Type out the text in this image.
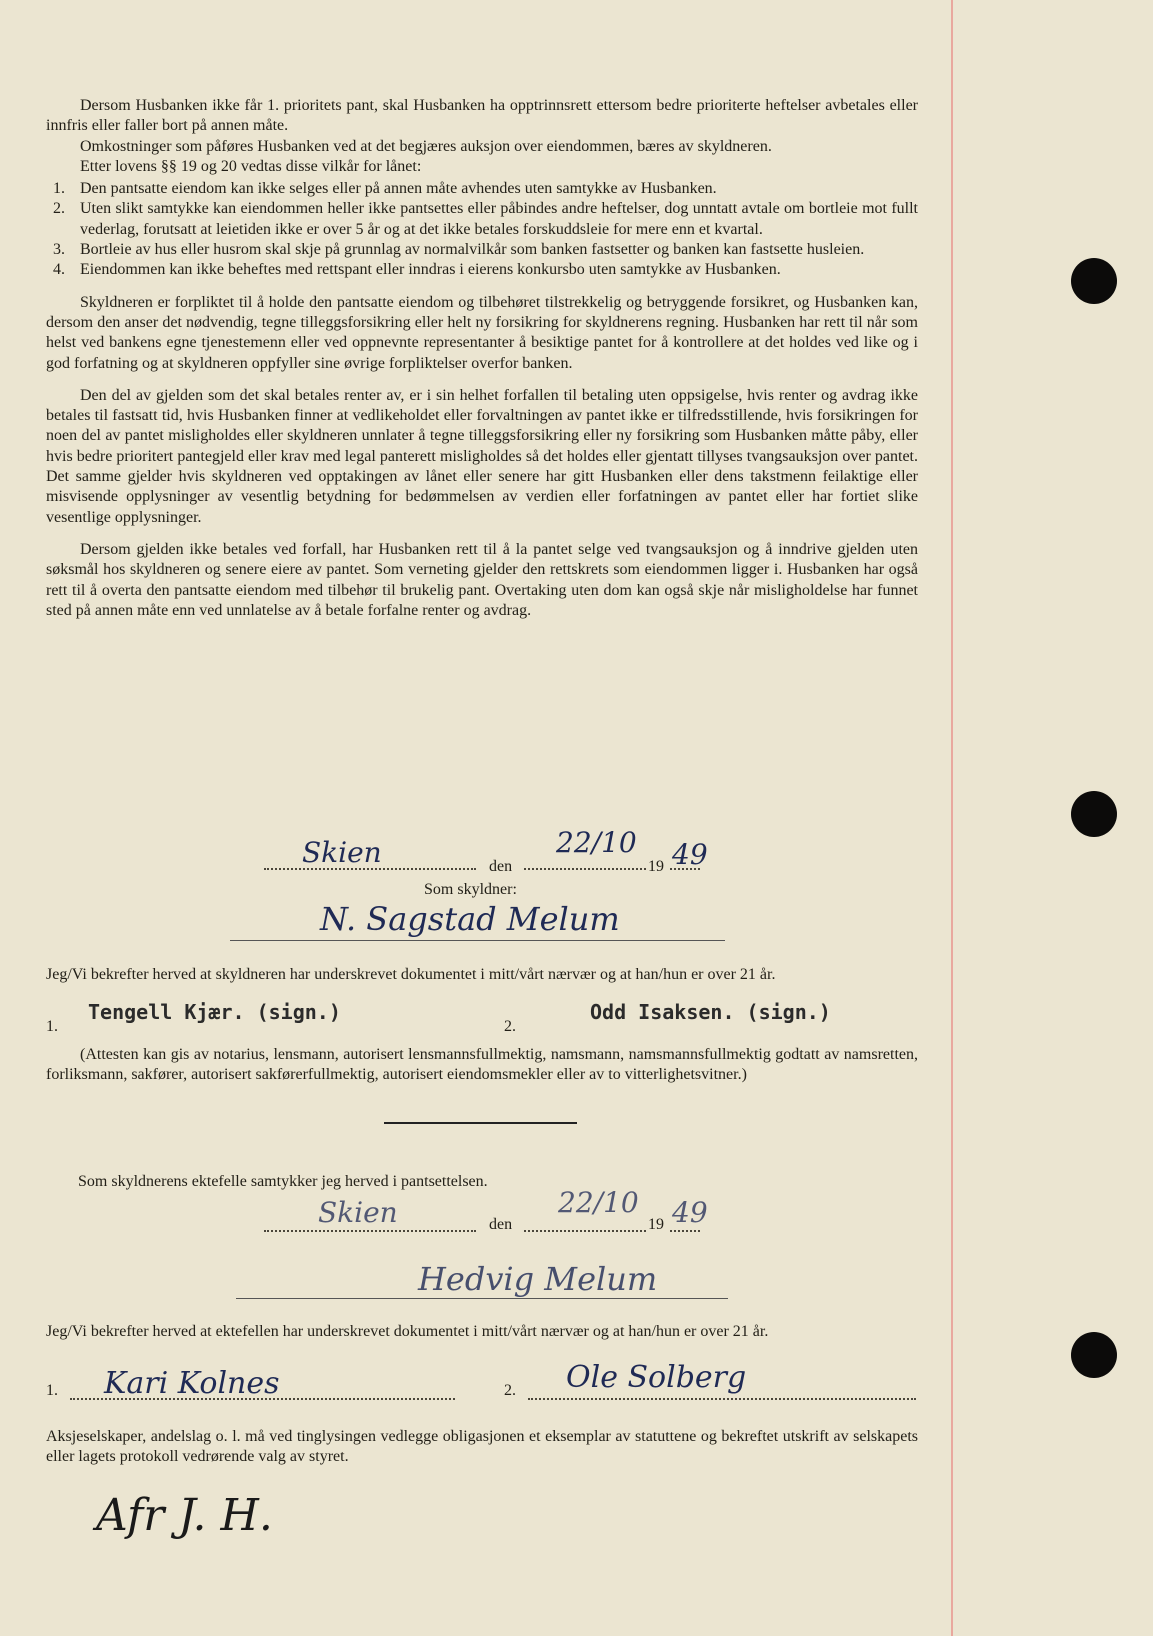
Dersom Husbanken ikke får 1. prioritets pant, skal Husbanken ha opptrinnsrett ettersom bedre prioriterte heftelser avbetales eller innfris eller faller bort på annen måte.

Omkostninger som påføres Husbanken ved at det begjæres auksjon over eiendommen, bæres av skyldneren.

Etter lovens §§ 19 og 20 vedtas disse vilkår for lånet:

1. Den pantsatte eiendom kan ikke selges eller på annen måte avhendes uten samtykke av Husbanken.
2. Uten slikt samtykke kan eiendommen heller ikke pantsettes eller påbindes andre heftelser, dog unntatt avtale om bortleie mot fullt vederlag, forutsatt at leietiden ikke er over 5 år og at det ikke betales forskuddsleie for mere enn et kvartal.
3. Bortleie av hus eller husrom skal skje på grunnlag av normalvilkår som banken fastsetter og banken kan fastsette husleien.
4. Eiendommen kan ikke beheftes med rettspant eller inndras i eierens konkursbo uten samtykke av Husbanken.

Skyldneren er forpliktet til å holde den pantsatte eiendom og tilbehøret tilstrekkelig og betryggende forsikret, og Husbanken kan, dersom den anser det nødvendig, tegne tilleggsforsikring eller helt ny forsikring for skyldnerens regning. Husbanken har rett til når som helst ved bankens egne tjenestemenn eller ved oppnevnte representanter å besiktige pantet for å kontrollere at det holdes ved like og i god forfatning og at skyldneren oppfyller sine øvrige forpliktelser overfor banken.

Den del av gjelden som det skal betales renter av, er i sin helhet forfallen til betaling uten oppsigelse, hvis renter og avdrag ikke betales til fastsatt tid, hvis Husbanken finner at vedlikeholdet eller forvaltningen av pantet ikke er tilfredsstillende, hvis forsikringen for noen del av pantet misligholdes eller skyldneren unnlater å tegne tilleggsforsikring eller ny forsikring som Husbanken måtte påby, eller hvis bedre prioritert pantegjeld eller krav med legal panterett misligholdes så det holdes eller gjentatt tillyses tvangsauksjon over pantet. Det samme gjelder hvis skyldneren ved opptakingen av lånet eller senere har gitt Husbanken eller dens takstmenn feilaktige eller misvisende opplysninger av vesentlig betydning for bedømmelsen av verdien eller forfatningen av pantet eller har fortiet slike vesentlige opplysninger.

Dersom gjelden ikke betales ved forfall, har Husbanken rett til å la pantet selge ved tvangsauksjon og å inndrive gjelden uten søksmål hos skyldneren og senere eiere av pantet. Som verneting gjelder den rettskrets som eiendommen ligger i. Husbanken har også rett til å overta den pantsatte eiendom med tilbehør til brukelig pant. Overtaking uten dom kan også skje når misligholdelse har funnet sted på annen måte enn ved unnlatelse av å betale forfalne renter og avdrag.

Skien	den
22/10
19 49
Som skyldner:
N. Sagstad Melum

Jeg/Vi bekrefter herved at skyldneren har underskrevet dokumentet i mitt/vårt nærvær og at han/hun er over 21 år.

1.
Tengell Kjær. (sign.)
2.
Odd Isaksen. (sign.)

(Attesten kan gis av notarius, lensmann, autorisert lensmannsfullmektig, namsmann, namsmannsfullmektig godtatt av namsretten, forliksmann, sakfører, autorisert sakførerfullmektig, autorisert eiendomsmekler eller av to vitterlighetsvitner.)

Som skyldnerens ektefelle samtykker jeg herved i pantsettelsen.
Skien	den
22/10
19 49
Hedvig Melum

Jeg/Vi bekrefter herved at ektefellen har underskrevet dokumentet i mitt/vårt nærvær og at han/hun er over 21 år.

1. Kari Kolnes	2. Ole Solberg

Aksjeselskaper, andelslag o. l. må ved tinglysingen vedlegge obligasjonen et eksemplar av statuttene og bekreftet utskrift av selskapets eller lagets protokoll vedrørende valg av styret.

Afr J. H.
